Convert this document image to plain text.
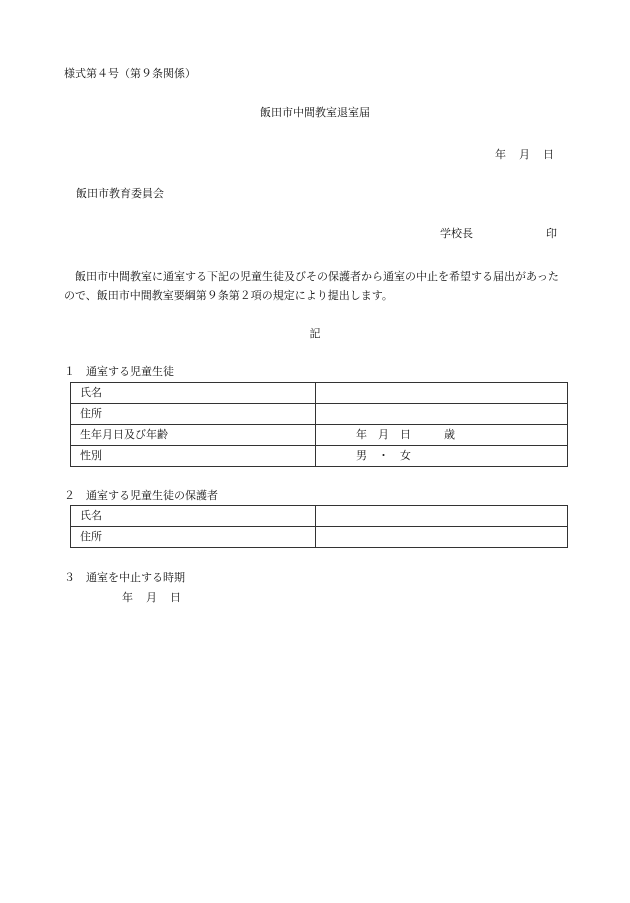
様式第４号（第９条関係）
飯田市中間教室退室届
年　月　日
飯田市教育委員会
学校長	印
飯田市中間教室に通室する下記の児童生徒及びその保護者から通室の中止を希望する届出があったので、飯田市中間教室要綱第９条第２項の規定により提出します。
記
１　通室する児童生徒
氏名	
住所	
生年月日及び年齢	年　月　日　　　歳
性別	男　・　女
２　通室する児童生徒の保護者
氏名	
住所	
３　通室を中止する時期
年　月　日
